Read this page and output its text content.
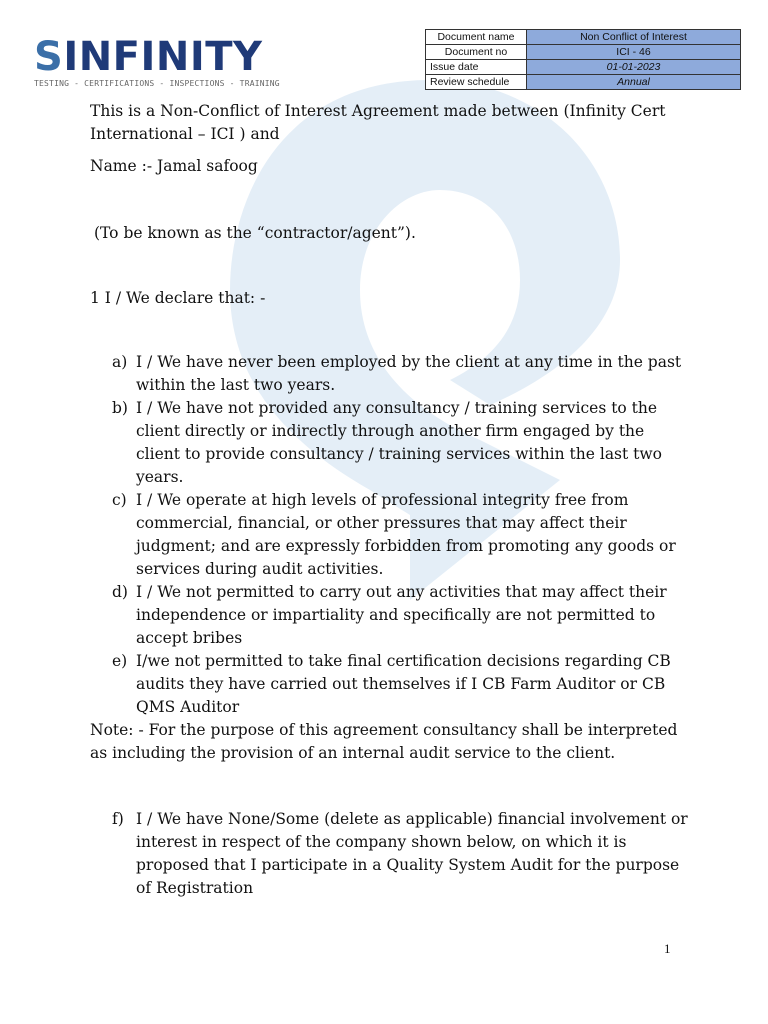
SINFINITY
TESTING - CERTIFICATIONS - INSPECTIONS - TRAINING
Document name	Non Conflict of Interest
Document no	ICI - 46
Issue date	01-01-2023
Review schedule	Annual

This is a Non-Conflict of Interest Agreement made between (Infinity Cert International – ICI ) and

Name :- Jamal safoog

(To be known as the “contractor/agent”).

1 I / We declare that: -

a) I / We have never been employed by the client at any time in the past within the last two years.
b) I / We have not provided any consultancy / training services to the client directly or indirectly through another firm engaged by the client to provide consultancy / training services within the last two years.
c) I / We operate at high levels of professional integrity free from commercial, financial, or other pressures that may affect their judgment; and are expressly forbidden from promoting any goods or services during audit activities.
d) I / We not permitted to carry out any activities that may affect their independence or impartiality and specifically are not permitted to accept bribes
e) I/we not permitted to take final certification decisions regarding CB audits they have carried out themselves if I CB Farm Auditor or CB QMS Auditor

Note: - For the purpose of this agreement consultancy shall be interpreted as including the provision of an internal audit service to the client.

f) I / We have None/Some (delete as applicable) financial involvement or interest in respect of the company shown below, on which it is proposed that I participate in a Quality System Audit for the purpose of Registration
1
